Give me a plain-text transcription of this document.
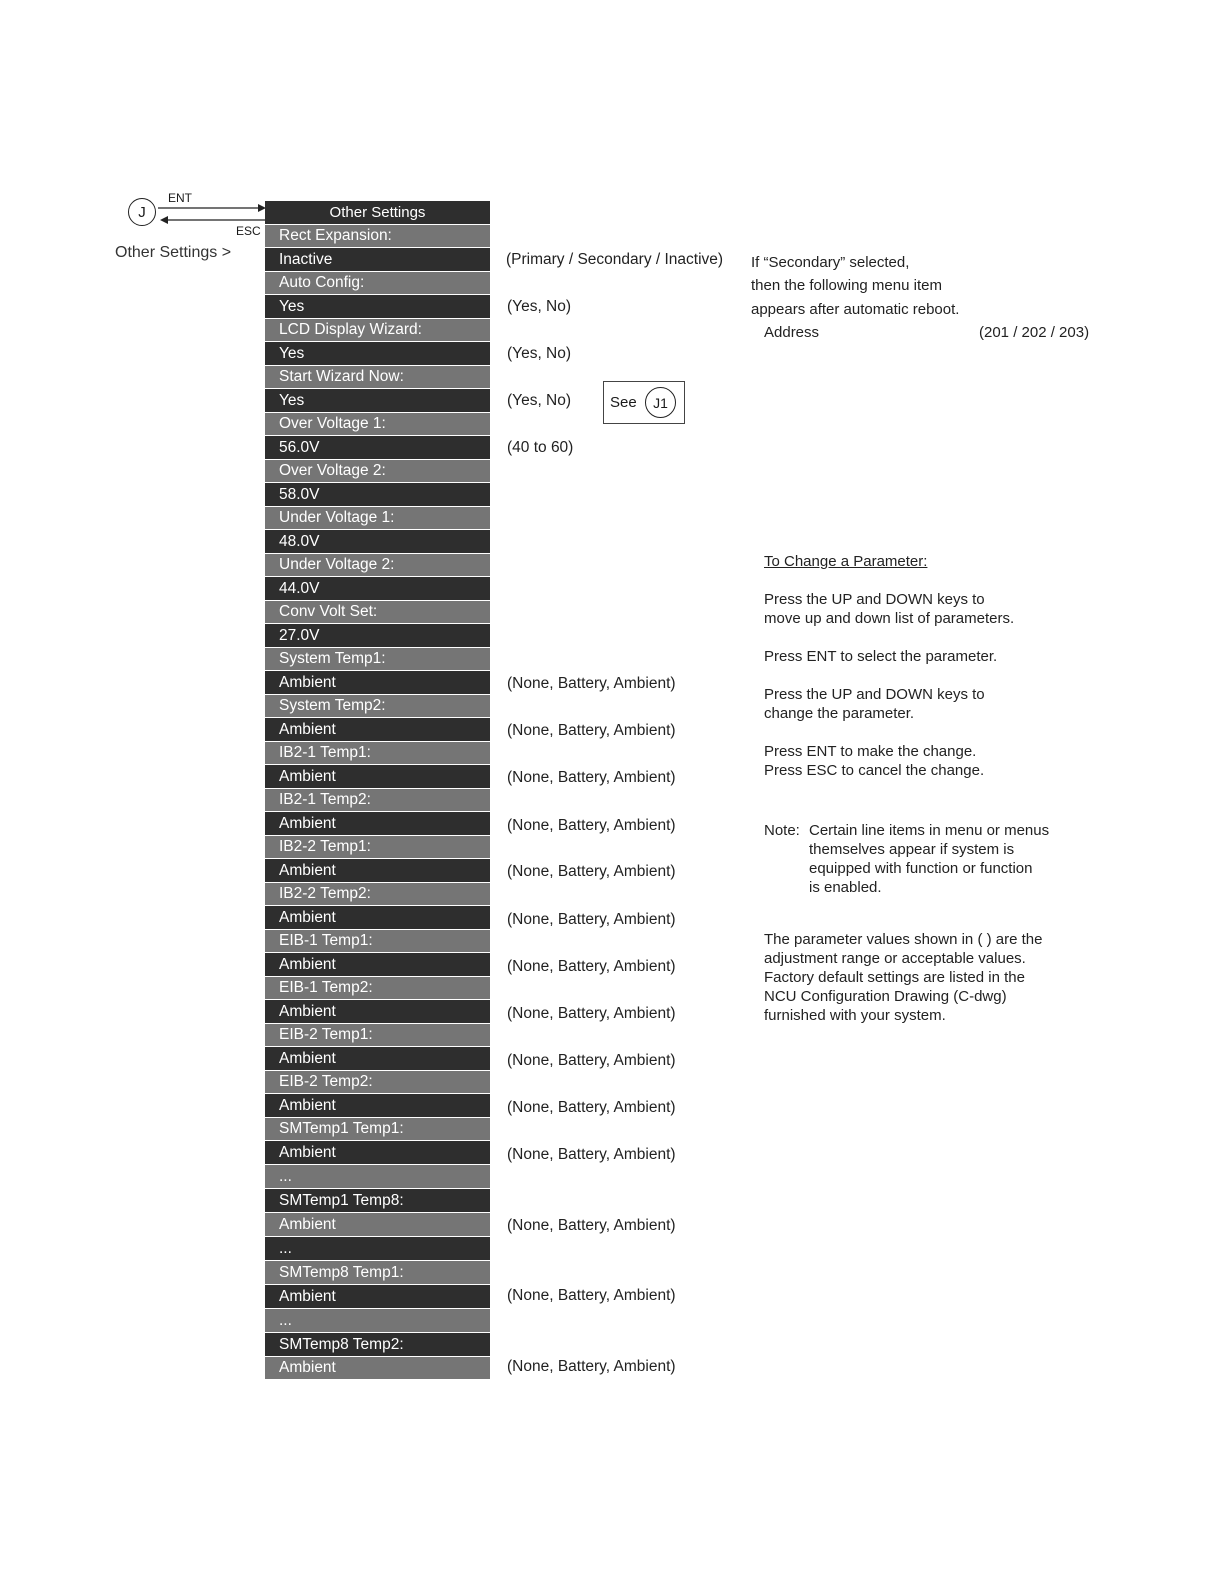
J
ENT
ESC
Other Settings >
Other Settings
Rect Expansion:
Inactive
Auto Config:
Yes
LCD Display Wizard:
Yes
Start Wizard Now:
Yes
Over Voltage 1:
56.0V
Over Voltage 2:
58.0V
Under Voltage 1:
48.0V
Under Voltage 2:
44.0V
Conv Volt Set:
27.0V
System Temp1:
Ambient
System Temp2:
Ambient
IB2-1 Temp1:
Ambient
IB2-1 Temp2:
Ambient
IB2-2 Temp1:
Ambient
IB2-2 Temp2:
Ambient
EIB-1 Temp1:
Ambient
EIB-1 Temp2:
Ambient
EIB-2 Temp1:
Ambient
EIB-2 Temp2:
Ambient
SMTemp1 Temp1:
Ambient
...
SMTemp1 Temp8:
Ambient
...
SMTemp8 Temp1:
Ambient
...
SMTemp8 Temp2:
Ambient
(Primary / Secondary / Inactive)
(Yes, No)
(Yes, No)
(Yes, No)
(40 to 60)
(None, Battery, Ambient)
(None, Battery, Ambient)
(None, Battery, Ambient)
(None, Battery, Ambient)
(None, Battery, Ambient)
(None, Battery, Ambient)
(None, Battery, Ambient)
(None, Battery, Ambient)
(None, Battery, Ambient)
(None, Battery, Ambient)
(None, Battery, Ambient)
(None, Battery, Ambient)
(None, Battery, Ambient)
(None, Battery, Ambient)
See J1
If “Secondary” selected,
then the following menu item
appears after automatic reboot.
Address	(201 / 202 / 203)
To Change a Parameter:
Press the UP and DOWN keys to
move up and down list of parameters.
Press ENT to select the parameter.
Press the UP and DOWN keys to
change the parameter.
Press ENT to make the change.
Press ESC to cancel the change.
Note: Certain line items in menu or menus
themselves appear if system is
equipped with function or function
is enabled.
The parameter values shown in ( ) are the
adjustment range or acceptable values.
Factory default settings are listed in the
NCU Configuration Drawing (C-dwg)
furnished with your system.
